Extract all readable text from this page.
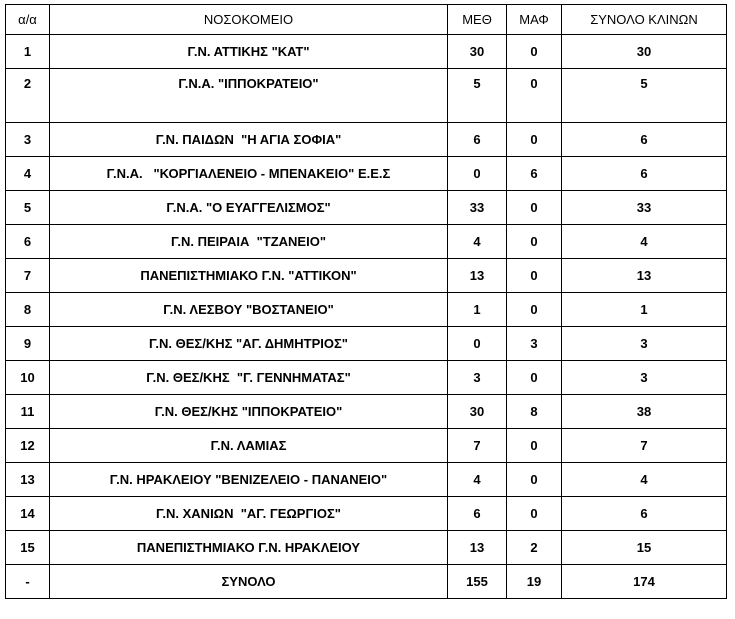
α/α	ΝΟΣΟΚΟΜΕΙΟ	ΜΕΘ	ΜΑΦ	ΣΥΝΟΛΟ ΚΛΙΝΩΝ
1	Γ.Ν. ΑΤΤΙΚΗΣ "ΚΑΤ"	30	0	30
2	Γ.Ν.Α. "ΙΠΠΟΚΡΑΤΕΙΟ"	5	0	5
3	Γ.Ν. ΠΑΙΔΩΝ  "Η ΑΓΙΑ ΣΟΦΙΑ"	6	0	6
4	Γ.Ν.Α.   "ΚΟΡΓΙΑΛΕΝΕΙΟ - ΜΠΕΝΑΚΕΙΟ" Ε.Ε.Σ	0	6	6
5	Γ.Ν.Α. "Ο ΕΥΑΓΓΕΛΙΣΜΟΣ"	33	0	33
6	Γ.Ν. ΠΕΙΡΑΙΑ  "ΤΖΑΝΕΙΟ"	4	0	4
7	ΠΑΝΕΠΙΣΤΗΜΙΑΚΟ Γ.Ν. "ΑΤΤΙΚΟΝ"	13	0	13
8	Γ.Ν. ΛΕΣΒΟΥ "ΒΟΣΤΑΝΕΙΟ"	1	0	1
9	Γ.Ν. ΘΕΣ/ΚΗΣ "ΑΓ. ΔΗΜΗΤΡΙΟΣ"	0	3	3
10	Γ.Ν. ΘΕΣ/ΚΗΣ  "Γ. ΓΕΝΝΗΜΑΤΑΣ"	3	0	3
11	Γ.Ν. ΘΕΣ/ΚΗΣ "ΙΠΠΟΚΡΑΤΕΙΟ"	30	8	38
12	Γ.Ν. ΛΑΜΙΑΣ	7	0	7
13	Γ.Ν. ΗΡΑΚΛΕΙΟΥ "ΒΕΝΙΖΕΛΕΙΟ - ΠΑΝΑΝΕΙΟ"	4	0	4
14	Γ.Ν. ΧΑΝΙΩΝ  "ΑΓ. ΓΕΩΡΓΙΟΣ"	6	0	6
15	ΠΑΝΕΠΙΣΤΗΜΙΑΚΟ Γ.Ν. ΗΡΑΚΛΕΙΟΥ	13	2	15
-	ΣΥΝΟΛΟ	155	19	174
